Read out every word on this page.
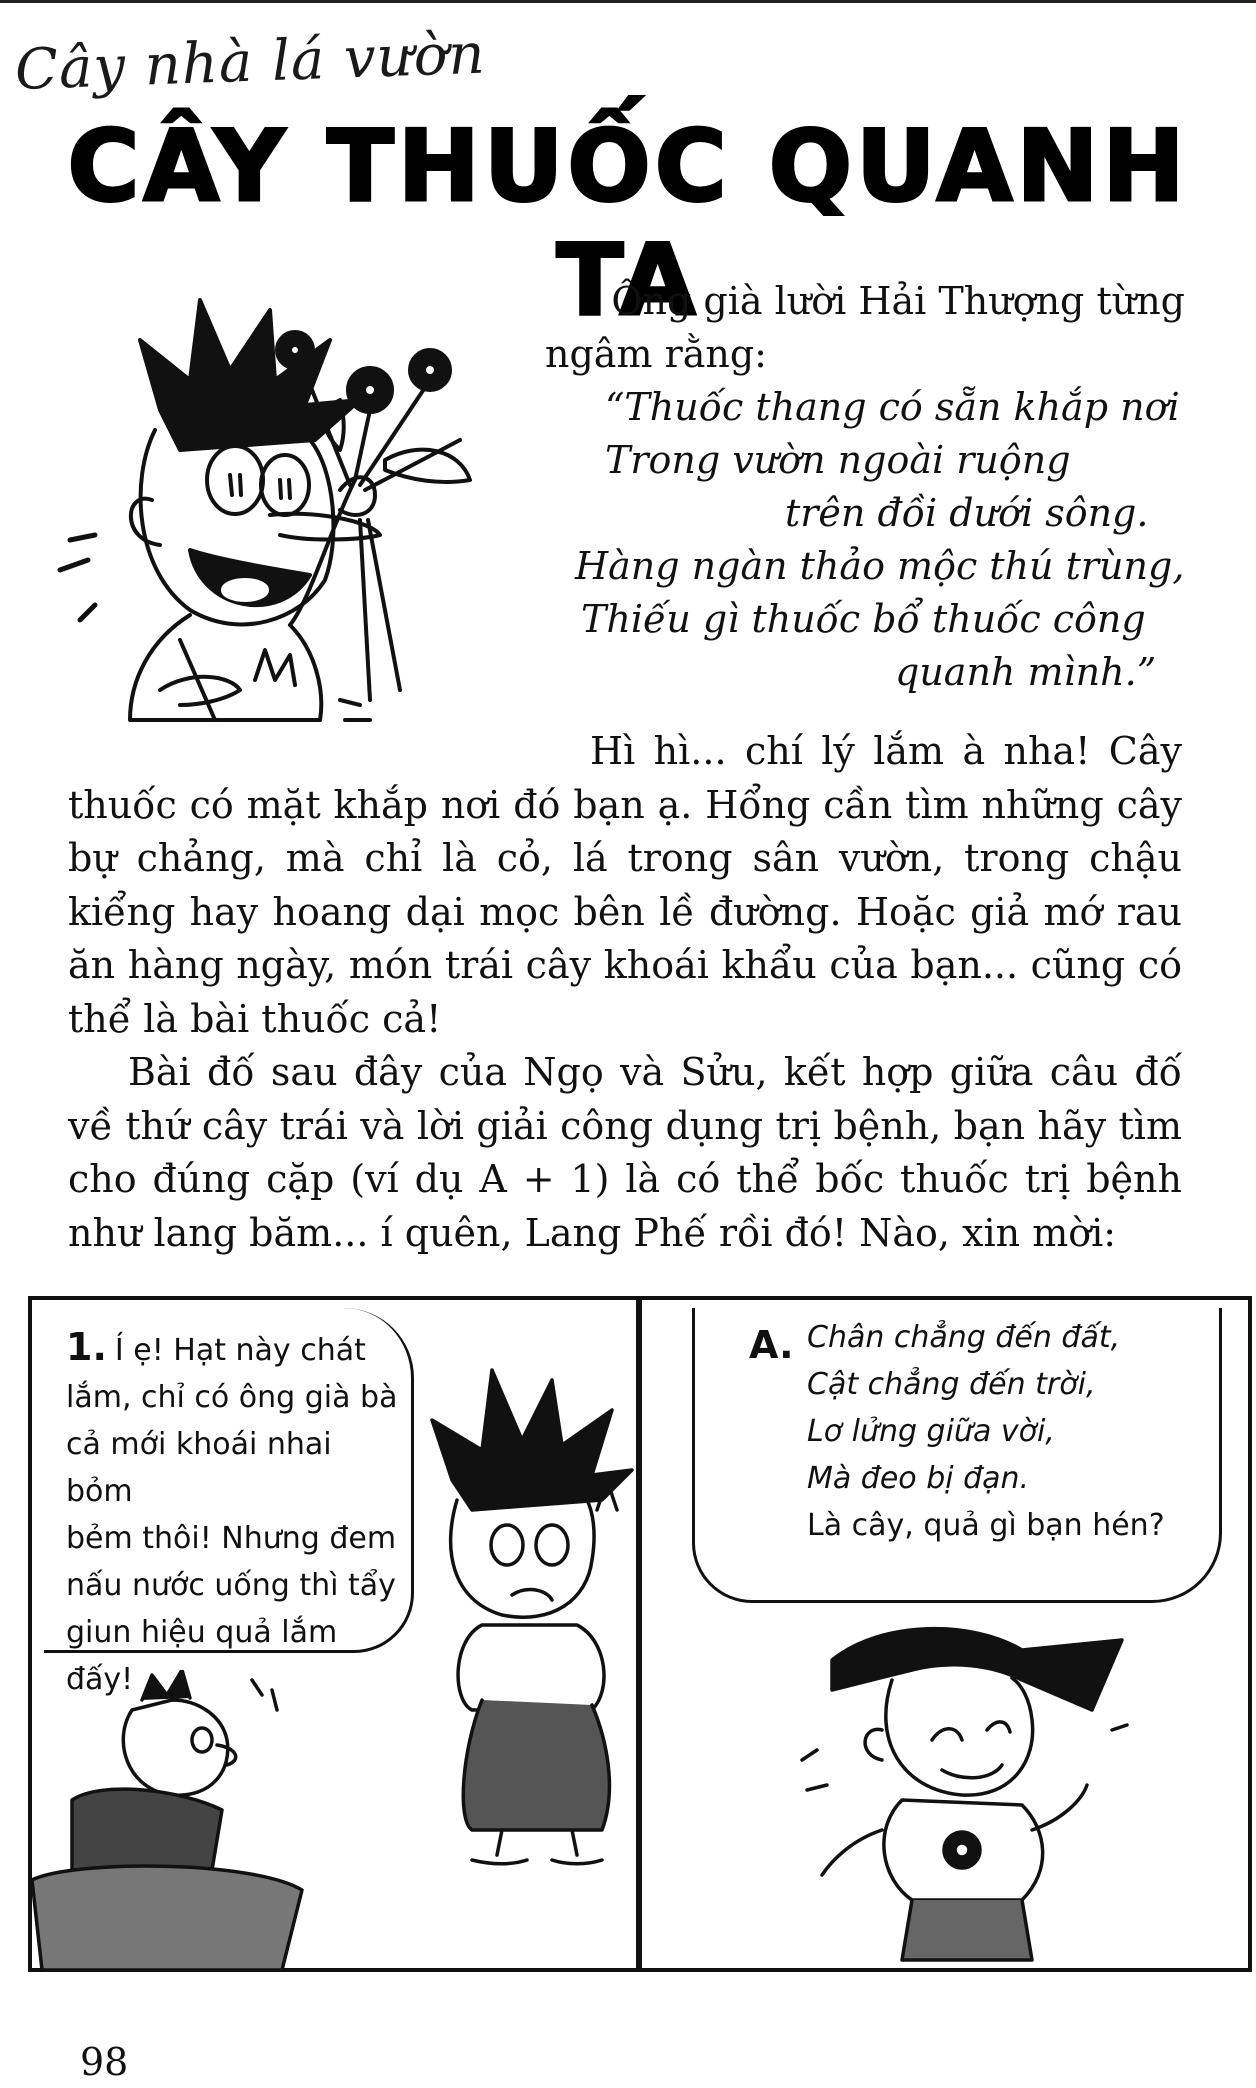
Cây nhà lá vườn
CÂY THUỐC QUANH TA

Ông già lười Hải Thượng từng

ngâm rằng:

“Thuốc thang có sẵn khắp nơi
Trong vườn ngoài ruộng
trên đồi dưới sông.
Hàng ngàn thảo mộc thú trùng,
Thiếu gì thuốc bổ thuốc công
quanh mình.”

Hì hì... chí lý lắm à nha! Cây thuốc có mặt khắp nơi đó bạn ạ. Hổng cần tìm những cây bự chảng, mà chỉ là cỏ, lá trong sân vườn, trong chậu kiểng hay hoang dại mọc bên lề đường. Hoặc giả mớ rau ăn hàng ngày, món trái cây khoái khẩu của bạn... cũng có thể là bài thuốc cả!

Bài đố sau đây của Ngọ và Sửu, kết hợp giữa câu đố về thứ cây trái và lời giải công dụng trị bệnh, bạn hãy tìm cho đúng cặp (ví dụ A + 1) là có thể bốc thuốc trị bệnh như lang băm... í quên, Lang Phế rồi đó! Nào, xin mời:

1. Í ẹ! Hạt này chát
lắm, chỉ có ông già bà
cả mới khoái nhai bỏm
bẻm thôi! Nhưng đem
nấu nước uống thì tẩy
giun hiệu quả lắm đấy!
A. Chân chẳng đến đất,
Cật chẳng đến trời,
Lơ lửng giữa vời,
Mà đeo bị đạn.
Là cây, quả gì bạn hén?
98
